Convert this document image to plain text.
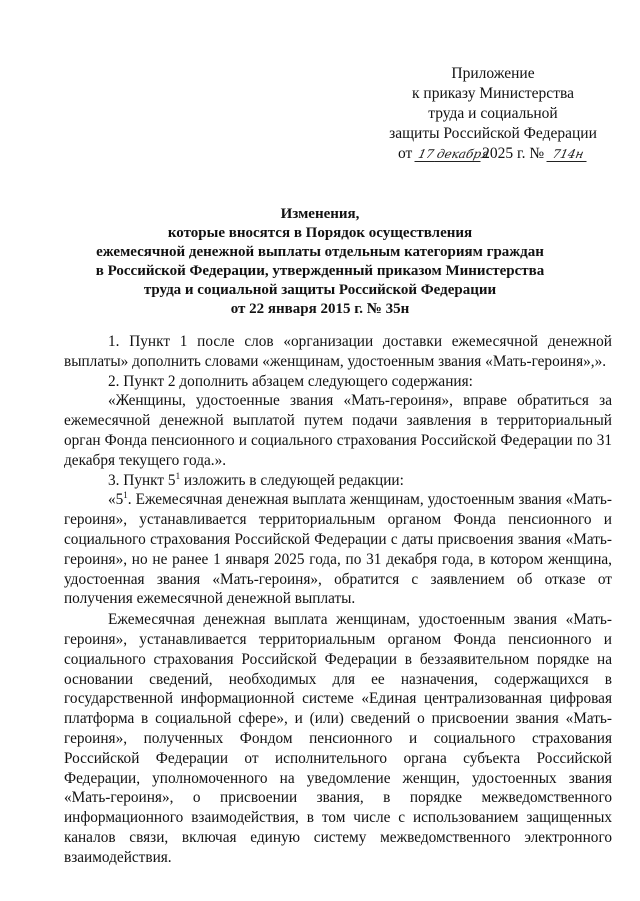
Приложение
к приказу Министерства
труда и социальной
защиты Российской Федерации
от 17декабря2025 г. № 714н
Изменения,
которые вносятся в Порядок осуществления
ежемесячной денежной выплаты отдельным категориям граждан
в Российской Федерации, утвержденный приказом Министерства
труда и социальной защиты Российской Федерации
от 22 января 2015 г. № 35н

1. Пункт 1 после слов «организации доставки ежемесячной денежной выплаты» дополнить словами «женщинам, удостоенным звания «Мать-героиня»,».

2. Пункт 2 дополнить абзацем следующего содержания:

«Женщины, удостоенные звания «Мать-героиня», вправе обратиться за ежемесячной денежной выплатой путем подачи заявления в территориальный орган Фонда пенсионного и социального страхования Российской Федерации по 31 декабря текущего года.».

3. Пункт $5^1$ изложить в следующей редакции:

«$5^1$. Ежемесячная денежная выплата женщинам, удостоенным звания «Мать-героиня», устанавливается территориальным органом Фонда пенсионного и социального страхования Российской Федерации с даты присвоения звания «Мать-героиня», но не ранее 1 января 2025 года, по 31 декабря года, в котором женщина, удостоенная звания «Мать-героиня», обратится с заявлением об отказе от получения ежемесячной денежной выплаты.

Ежемесячная денежная выплата женщинам, удостоенным звания «Мать-героиня», устанавливается территориальным органом Фонда пенсионного и социального страхования Российской Федерации в беззаявительном порядке на основании сведений, необходимых для ее назначения, содержащихся в государственной информационной системе «Единая централизованная цифровая платформа в социальной сфере», и (или) сведений о присвоении звания «Мать-героиня», полученных Фондом пенсионного и социального страхования Российской Федерации от исполнительного органа субъекта Российской Федерации, уполномоченного на уведомление женщин, удостоенных звания «Мать-героиня», о присвоении звания, в порядке межведомственного информационного взаимодействия, в том числе с использованием защищенных каналов связи, включая единую систему межведомственного электронного взаимодействия.
